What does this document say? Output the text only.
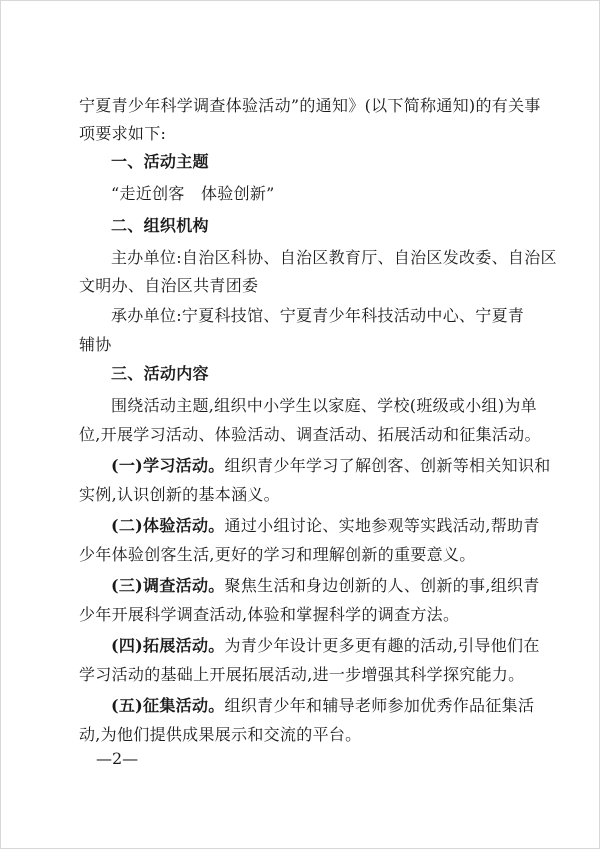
宁夏青少年科学调查体验活动”的通知》(以下简称通知)的有关事
项要求如下:
一、活动主题
“走近创客　体验创新”
二、组织机构
主办单位:自治区科协、自治区教育厅、自治区发改委、自治区
文明办、自治区共青团委
承办单位:宁夏科技馆、宁夏青少年科技活动中心、宁夏青
辅协
三、活动内容
围绕活动主题,组织中小学生以家庭、学校(班级或小组)为单
位,开展学习活动、体验活动、调查活动、拓展活动和征集活动。
(一)学习活动。组织青少年学习了解创客、创新等相关知识和
实例,认识创新的基本涵义。
(二)体验活动。通过小组讨论、实地参观等实践活动,帮助青
少年体验创客生活,更好的学习和理解创新的重要意义。
(三)调查活动。聚焦生活和身边创新的人、创新的事,组织青
少年开展科学调查活动,体验和掌握科学的调查方法。
(四)拓展活动。为青少年设计更多更有趣的活动,引导他们在
学习活动的基础上开展拓展活动,进一步增强其科学探究能力。
(五)征集活动。组织青少年和辅导老师参加优秀作品征集活
动,为他们提供成果展示和交流的平台。
—2—
